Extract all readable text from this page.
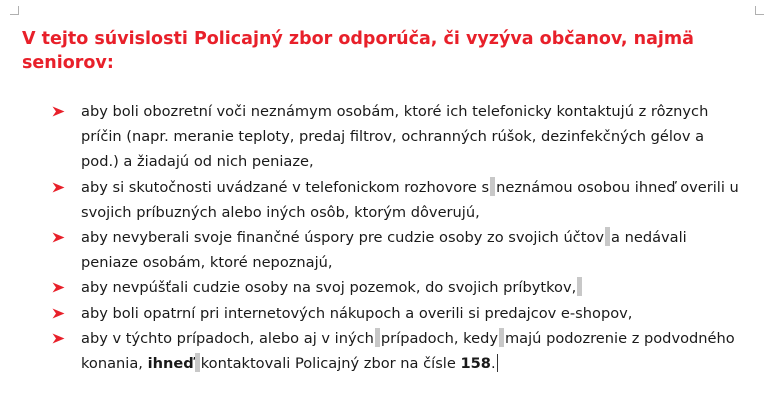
V tejto súvislosti Policajný zbor odporúča, či vyzýva občanov, najmä seniorov:
aby boli obozretní voči neznámym osobám, ktoré ich telefonicky kontaktujú z rôznych príčin (napr. meranie teploty, predaj filtrov, ochranných rúšok, dezinfekčných gélov a pod.) a žiadajú od nich peniaze,
aby si skutočnosti uvádzané v telefonickom rozhovore s neznámou osobou ihneď overili u svojich príbuzných alebo iných osôb, ktorým dôverujú,
aby nevyberali svoje finančné úspory pre cudzie osoby zo svojich účtov a nedávali peniaze osobám, ktoré nepoznajú,
aby nevpúšťali cudzie osoby na svoj pozemok, do svojich príbytkov,
aby boli opatrní pri internetových nákupoch a overili si predajcov e-shopov,
aby v týchto prípadoch, alebo aj v iných prípadoch, kedy majú podozrenie z podvodného konania, ihneď kontaktovali Policajný zbor na čísle 158.
